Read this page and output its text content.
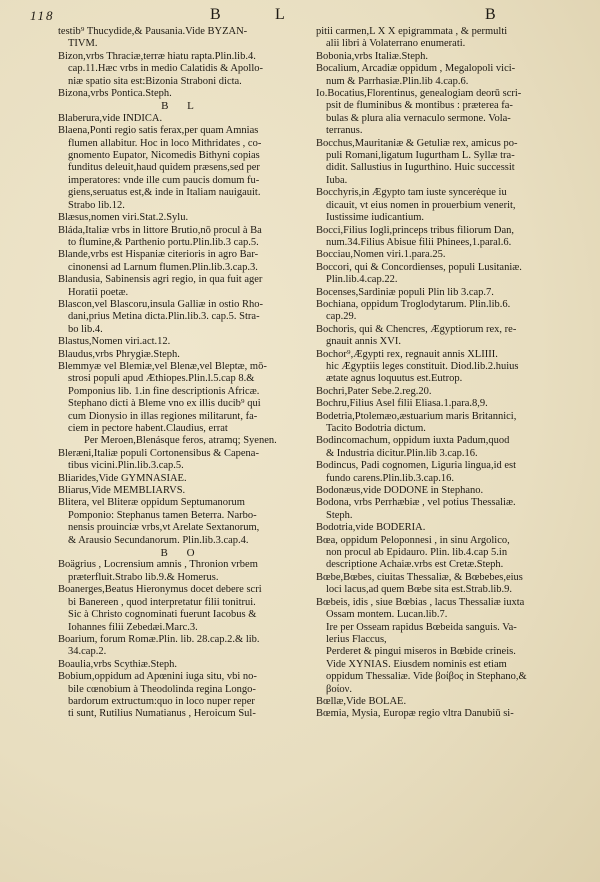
118	B	L	B

testib⁹ Thucydide,& Pausania.Vide BYZAN-

TIVM.

Bizon,vrbs Thraciæ,terræ hiatu rapta.Plin.lib.4.

cap.11.Hæc vrbs in medio Calatidis & Apollo-

niæ spatio sita est:Bizonia Straboni dicta.

Bizona,vrbs Pontica.Steph.

B L

Blaberura,vide INDICA.

Blaena,Ponti regio satis ferax,per quam Amnias

flumen allabitur. Hoc in loco Mithridates , co-

gnomento Eupator, Nicomedis Bithyni copias

funditus deleuit,haud quidem præsens,sed per

imperatores: vnde ille cum paucis domum fu-

giens,seruatus est,& inde in Italiam nauigauit.

Strabo lib.12.

Blæsus,nomen viri.Stat.2.Sylu.

Bláda,Italiæ vrbs in littore Brutio,nō procul à Ba

to flumine,& Parthenio portu.Plin.lib.3 cap.5.

Blande,vrbs est Hispaniæ citerioris in agro Bar-

cinonensi ad Larnum flumen.Plin.lib.3.cap.3.

Blandusia, Sabinensis agri regio, in qua fuit ager

Horatii poetæ.

Blascon,vel Blascoru,insula Galliæ in ostio Rho-

dani,prius Metina dicta.Plin.lib.3. cap.5. Stra-

bo lib.4.

Blastus,Nomen viri.act.12.

Blaudus,vrbs Phrygiæ.Steph.

Blemmyæ vel Blemiæ,vel Blenæ,vel Bleptæ, mō-

strosi populi apud Æthiopes.Plin.l.5.cap 8.&

Pomponius lib. 1.in fine descriptionis Africæ.

Stephano dicti à Bleme vno ex illis ducib⁹ qui

cum Dionysio in illas regiones militarunt, fa-

ciem in pectore habent.Claudius, errat

Per Meroen,Blenásque feros, atramq; Syenen.

Bleræni,Italiæ populi Cortonensibus & Capena-

tibus vicini.Plin.lib.3.cap.5.

Bliarides,Vide GYMNASIAE.

Bliarus,Vide MEMBLIARVS.

Blitera, vel Bliteræ oppidum Septumanorum

Pomponio: Stephanus tamen Beterra. Narbo-

nensis prouinciæ vrbs,vt Arelate Sextanorum,

& Arausio Secundanorum. Plin.lib.3.cap.4.

B O

Boägrius , Locrensium amnis , Thronion vrbem

præterfluit.Strabo lib.9.& Homerus.

Boanerges,Beatus Hieronymus docet debere scri

bi Banereen , quod interpretatur filii tonitrui.

Sic à Christo cognominati fuerunt Iacobus &

Iohannes filii Zebedæi.Marc.3.

Boarium, forum Romæ.Plin. lib. 28.cap.2.& lib.

34.cap.2.

Boaulia,vrbs Scythiæ.Steph.

Bobium,oppidum ad Apœnini iuga situ, vbi no-

bile cœnobium à Theodolinda regina Longo-

bardorum extructum:quo in loco nuper reper

ti sunt, Rutilius Numatianus , Heroicum Sul-

pitii carmen,L X X epigrammata , & permulti

alii libri à Volaterrano enumerati.

Bobonia,vrbs Italiæ.Steph.

Bocalium, Arcadiæ oppidum , Megalopoli vici-

num & Parrhasiæ.Plin.lib 4.cap.6.

Io.Bocatius,Florentinus, genealogiam deorū scri-

psit de fluminibus & montibus : præterea fa-

bulas & plura alia vernaculo sermone. Vola-

terranus.

Bocchus,Mauritaniæ & Getuliæ rex, amicus po-

puli Romani,ligatum Iugurtham L. Syllæ tra-

didit. Sallustius in Iugurthino. Huic successit

Iuba.

Bocchyris,in Ægypto tam iuste syncerėque iu

dicauit, vt eius nomen in prouerbium venerit,

Iustissime iudicantium.

Bocci,Filius Iogli,princeps tribus filiorum Dan,

num.34.Filius Abisue filii Phinees,1.paral.6.

Bocciau,Nomen viri.1.para.25.

Boccori, qui & Concordienses, populi Lusitaniæ.

Plin.lib.4.cap.22.

Bocenses,Sardiniæ populi Plin lib 3.cap.7.

Bochiana, oppidum Troglodytarum. Plin.lib.6.

cap.29.

Bochoris, qui & Chencres, Ægyptiorum rex, re-

gnauit annis XVI.

Bochor⁹,Ægypti rex, regnauit annis XLIIII.

hic Ægyptiis leges constituit. Diod.lib.2.huius

ætate agnus loquutus est.Eutrop.

Bochri,Pater Sebe.2.reg.20.

Bochru,Filius Asel filii Eliasa.1.para.8,9.

Bodetria,Ptolemæo,æstuarium maris Britannici,

Tacito Bodotria dictum.

Bodincomachum, oppidum iuxta Padum,quod

& Industria dicitur.Plin.lib 3.cap.16.

Bodincus, Padi cognomen, Liguria lingua,id est

fundo carens.Plin.lib.3.cap.16.

Bodonæus,vide DODONE in Stephano.

Bodona, vrbs Perrhæbiæ , vel potius Thessaliæ.

Steph.

Bodotria,vide BODERIA.

Bœa, oppidum Peloponnesi , in sinu Argolico,

non procul ab Epidauro. Plin. lib.4.cap 5.in

descriptione Achaiæ.vrbs est Cretæ.Steph.

Bœbe,Bœbes, ciuitas Thessaliæ, & Bœbebes,eius

loci lacus,ad quem Bœbe sita est.Strab.lib.9.

Bœbeis, idis , siue Bœbias , lacus Thessaliæ iuxta

Ossam montem. Lucan.lib.7.

Ire per Osseam rapidus Bœbeida sanguis. Va-

lerius Flaccus,

Perderet & pingui miseros in Bœbide crineis.

Vide XYNIAS. Eiusdem nominis est etiam

oppidum Thessaliæ. Vide βοίβος in Stephano,&

βοίον.

Bœllæ,Vide BOLAE.

Bœmia, Mysia, Europæ regio vltra Danubiū si-
